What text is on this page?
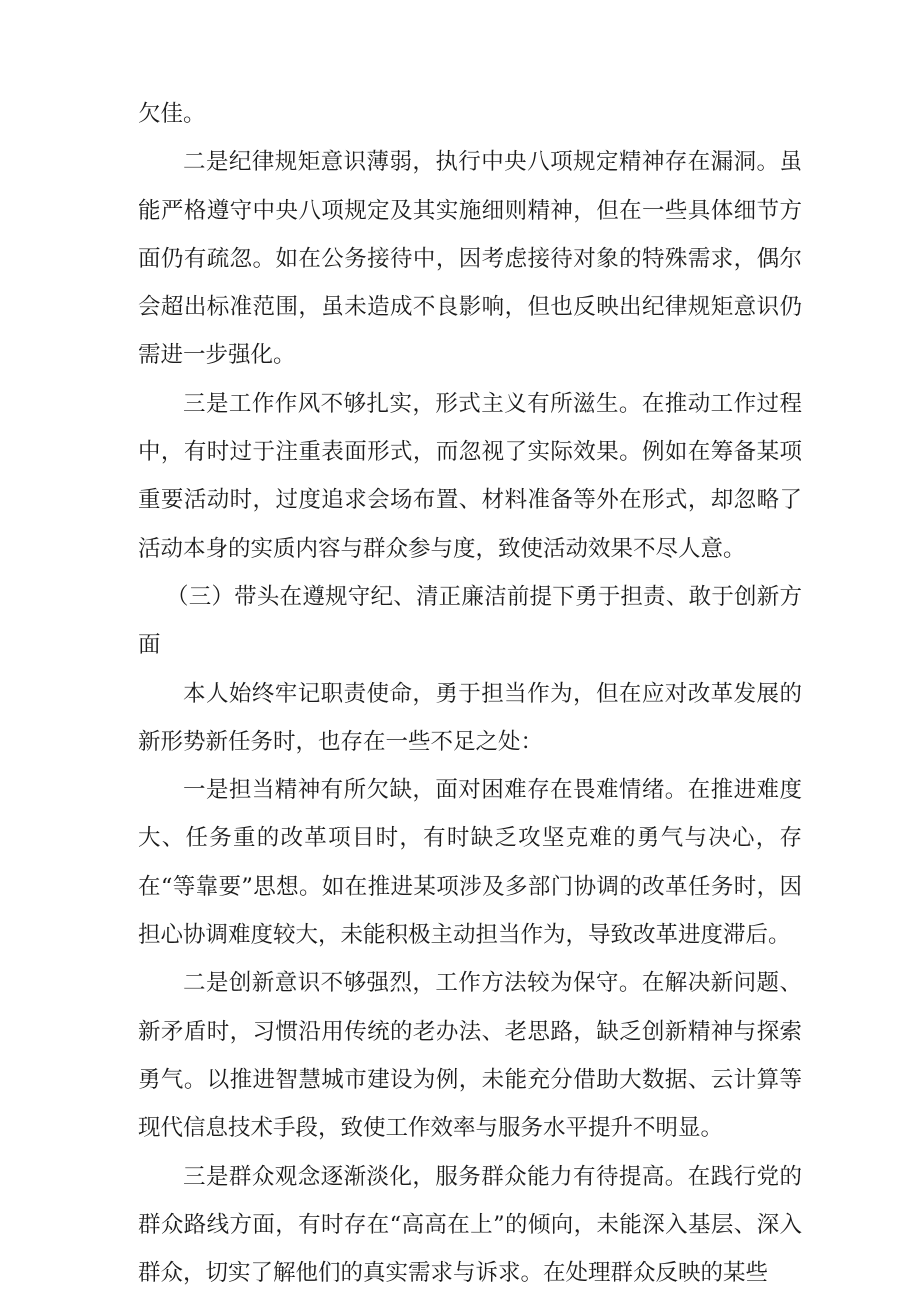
欠佳。

二是纪律规矩意识薄弱，执行中央八项规定精神存在漏洞。虽能严格遵守中央八项规定及其实施细则精神，但在一些具体细节方面仍有疏忽。如在公务接待中，因考虑接待对象的特殊需求，偶尔会超出标准范围，虽未造成不良影响，但也反映出纪律规矩意识仍需进一步强化。

三是工作作风不够扎实，形式主义有所滋生。在推动工作过程中，有时过于注重表面形式，而忽视了实际效果。例如在筹备某项重要活动时，过度追求会场布置、材料准备等外在形式，却忽略了活动本身的实质内容与群众参与度，致使活动效果不尽人意。

（三）带头在遵规守纪、清正廉洁前提下勇于担责、敢于创新方面

本人始终牢记职责使命，勇于担当作为，但在应对改革发展的新形势新任务时，也存在一些不足之处：

一是担当精神有所欠缺，面对困难存在畏难情绪。在推进难度大、任务重的改革项目时，有时缺乏攻坚克难的勇气与决心，存在“等靠要”思想。如在推进某项涉及多部门协调的改革任务时，因担心协调难度较大，未能积极主动担当作为，导致改革进度滞后。

二是创新意识不够强烈，工作方法较为保守。在解决新问题、新矛盾时，习惯沿用传统的老办法、老思路，缺乏创新精神与探索勇气。以推进智慧城市建设为例，未能充分借助大数据、云计算等现代信息技术手段，致使工作效率与服务水平提升不明显。

三是群众观念逐渐淡化，服务群众能力有待提高。在践行党的群众路线方面，有时存在“高高在上”的倾向，未能深入基层、深入群众，切实了解他们的真实需求与诉求。在处理群众反映的某些
